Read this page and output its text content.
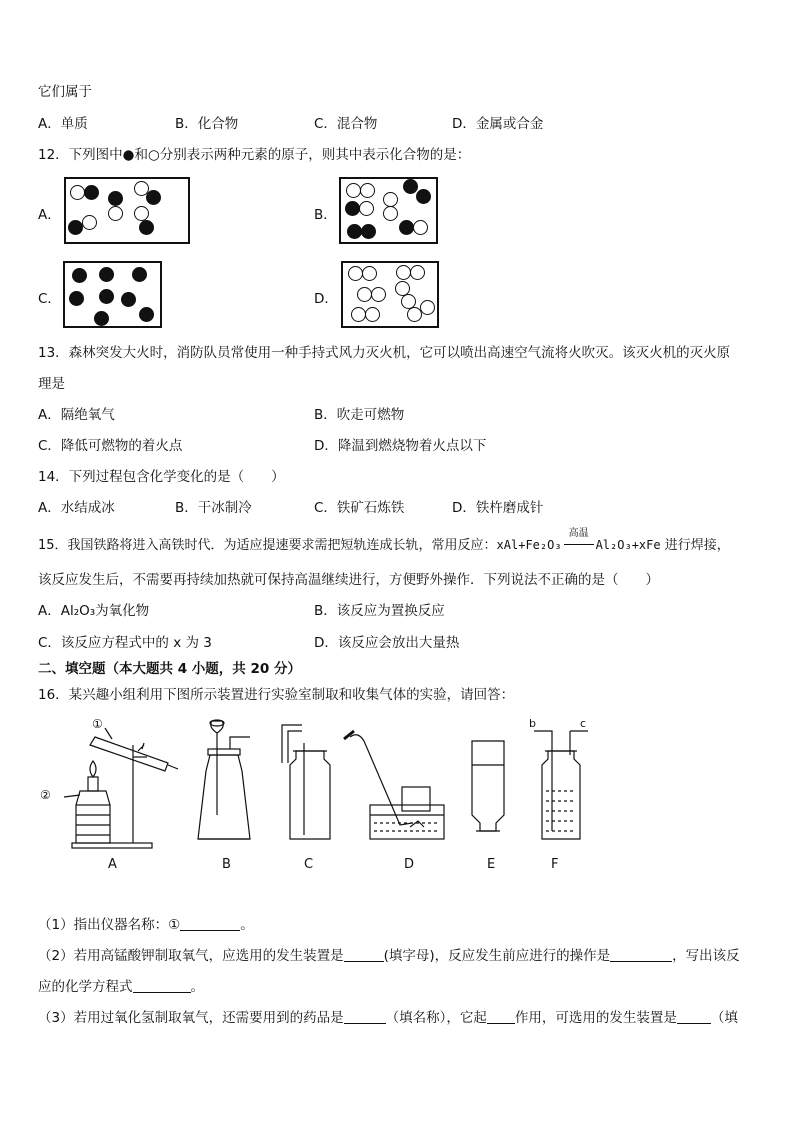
它们属于
A．单质	B．化合物	C．混合物	D．金属或合金
12．下列图中●和○分别表示两种元素的原子，则其中表示化合物的是：
A．	B．
C．	D．
13．森林突发大火时，消防队员常使用一种手持式风力灭火机，它可以喷出高速空气流将火吹灭。该灭火机的灭火原
理是
A．隔绝氧气	B．吹走可燃物
C．降低可燃物的着火点	D．降温到燃烧物着火点以下
14．下列过程包含化学变化的是（　　）
A．水结成冰	B．干冰制冷	C．铁矿石炼铁	D．铁杵磨成针
15．我国铁路将进入高铁时代．为适应提速要求需把短轨连成长轨，常用反应：xAl+Fe₂O₃
高温
Al₂O₃+xFe 进行焊接，
该反应发生后，不需要再持续加热就可保持高温继续进行，方便野外操作．下列说法不正确的是（　　）
A．Al₂O₃为氧化物	B．该反应为置换反应
C．该反应方程式中的 x 为 3	D．该反应会放出大量热
二、填空题（本大题共 4 小题，共 20 分）
16．某兴趣小组利用下图所示装置进行实验室制取和收集气体的实验，请回答：
①
②
b	c
A	B	C	D	E	F
（1）指出仪器名称：①	。
（2）若用高锰酸钾制取氧气，应选用的发生装置是	(填字母)，反应发生前应进行的操作是	，写出该反
应的化学方程式	。
（3）若用过氧化氢制取氧气，还需要用到的药品是	（填名称），它起 作用，可选用的发生装置是	（填
